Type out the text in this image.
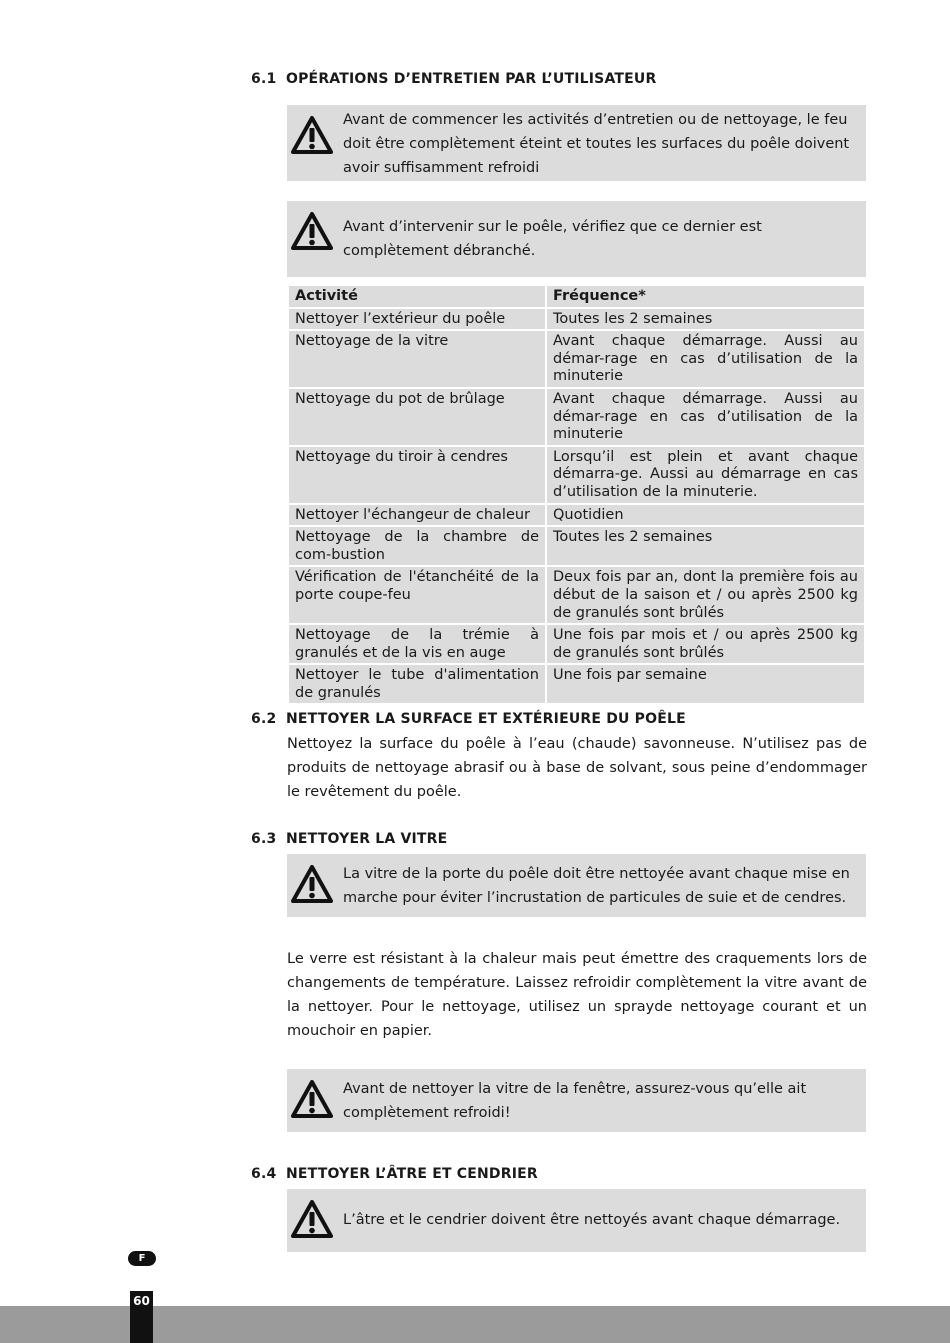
6.1 OPÉRATIONS D’ENTRETIEN PAR L’UTILISATEUR
Avant de commencer les activités d’entretien ou de nettoyage, le feu doit être complètement éteint et toutes les surfaces du poêle doivent avoir suffisamment refroidi
Avant d’intervenir sur le poêle, vérifiez que ce dernier est complètement débranché.
Activité	Fréquence*
Nettoyer l’extérieur du poêle	Toutes les 2 semaines
Nettoyage de la vitre	Avant chaque démarrage. Aussi au démar-rage en cas d’utilisation de la minuterie
Nettoyage du pot de brûlage	Avant chaque démarrage. Aussi au démar-rage en cas d’utilisation de la minuterie
Nettoyage du tiroir à cendres	Lorsqu’il est plein et avant chaque démarra-ge. Aussi au démarrage en cas d’utilisation de la minuterie.
Nettoyer l'échangeur de chaleur	Quotidien
Nettoyage de la chambre de com-bustion	Toutes les 2 semaines
Vérification de l'étanchéité de la porte coupe-feu	Deux fois par an, dont la première fois au début de la saison et / ou après 2500 kg de granulés sont brûlés
Nettoyage de la trémie à granulés et de la vis en auge	Une fois par mois et / ou après 2500 kg de granulés sont brûlés
Nettoyer le tube d'alimentation de granulés	Une fois par semaine
6.2 NETTOYER LA SURFACE ET EXTÉRIEURE DU POÊLE
Nettoyez la surface du poêle à l’eau (chaude) savonneuse. N’utilisez pas de produits de nettoyage abrasif ou à base de solvant, sous peine d’endommager le revêtement du poêle.
6.3 NETTOYER LA VITRE
La vitre de la porte du poêle doit être nettoyée avant chaque mise en marche pour éviter l’incrustation de particules de suie et de cendres.
Le verre est résistant à la chaleur mais peut émettre des craquements lors de changements de température. Laissez refroidir complètement la vitre avant de la nettoyer. Pour le nettoyage, utilisez un sprayde nettoyage courant et un mouchoir en papier.
Avant de nettoyer la vitre de la fenêtre, assurez-vous qu’elle ait complètement refroidi!
6.4 NETTOYER L’ÂTRE ET CENDRIER
L’âtre et le cendrier doivent être nettoyés avant chaque démarrage.
F
60
